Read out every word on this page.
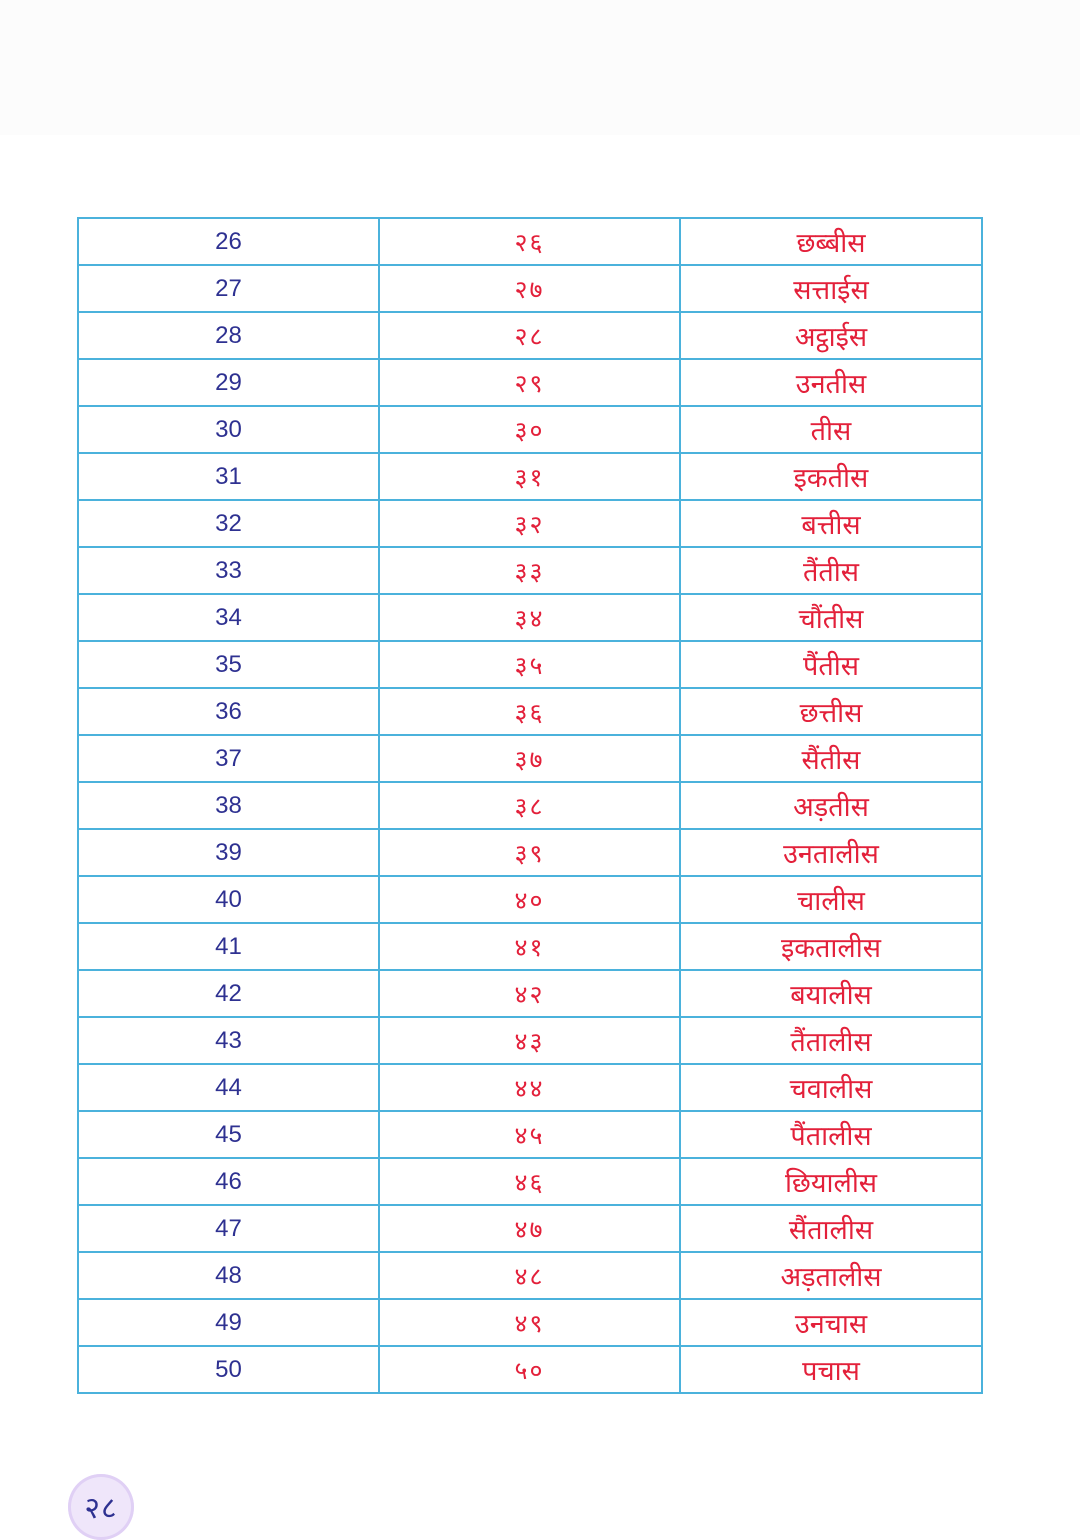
26	२६	छब्बीस
27	२७	सत्ताईस
28	२८	अट्ठाईस
29	२९	उनतीस
30	३०	तीस
31	३१	इकतीस
32	३२	बत्तीस
33	३३	तैंतीस
34	३४	चौंतीस
35	३५	पैंतीस
36	३६	छत्तीस
37	३७	सैंतीस
38	३८	अड़तीस
39	३९	उनतालीस
40	४०	चालीस
41	४१	इकतालीस
42	४२	बयालीस
43	४३	तैंतालीस
44	४४	चवालीस
45	४५	पैंतालीस
46	४६	छियालीस
47	४७	सैंतालीस
48	४८	अड़तालीस
49	४९	उनचास
50	५०	पचास
२८
